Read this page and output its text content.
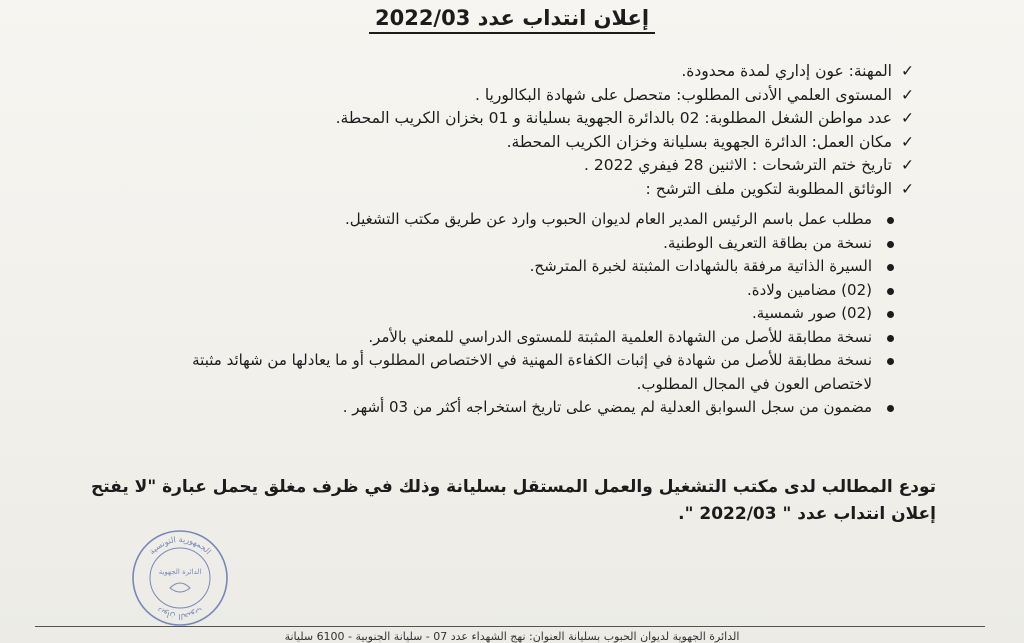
إعلان انتداب عدد 2022/03
✓المهنة: عون إداري لمدة محدودة.
✓المستوى العلمي الأدنى المطلوب: متحصل على شهادة البكالوريا .
✓عدد مواطن الشغل المطلوبة: 02 بالدائرة الجهوية بسليانة و 01 بخزان الكريب المحطة.
✓مكان العمل: الدائرة الجهوية بسليانة وخزان الكريب المحطة.
✓تاريخ ختم الترشحات : الاثنين 28 فيفري 2022 .
✓الوثائق المطلوبة لتكوين ملف الترشح :
مطلب عمل باسم الرئيس المدير العام لديوان الحبوب وارد عن طريق مكتب التشغيل.
نسخة من بطاقة التعريف الوطنية.
السيرة الذاتية مرفقة بالشهادات المثبتة لخبرة المترشح.
(02) مضامين ولادة.
(02) صور شمسية.
نسخة مطابقة للأصل من الشهادة العلمية المثبتة للمستوى الدراسي للمعني بالأمر.
نسخة مطابقة للأصل من شهادة في إثبات الكفاءة المهنية في الاختصاص المطلوب أو ما يعادلها من شهائد مثبتة لاختصاص العون في المجال المطلوب.
مضمون من سجل السوابق العدلية لم يمضي على تاريخ استخراجه أكثر من 03 أشهر .
تودع المطالب لدى مكتب التشغيل والعمل المستقل بسليانة وذلك في ظرف مغلق يحمل عبارة "لا يفتح إعلان انتداب عدد " 2022/03 ".
الجمهورية التونسية
ديوان الحبوب
الدائرة الجهوية
الدائرة الجهوية لديوان الحبوب بسليانة العنوان: نهج الشهداء عدد 07 - سليانة الجنوبية - 6100 سليانة
